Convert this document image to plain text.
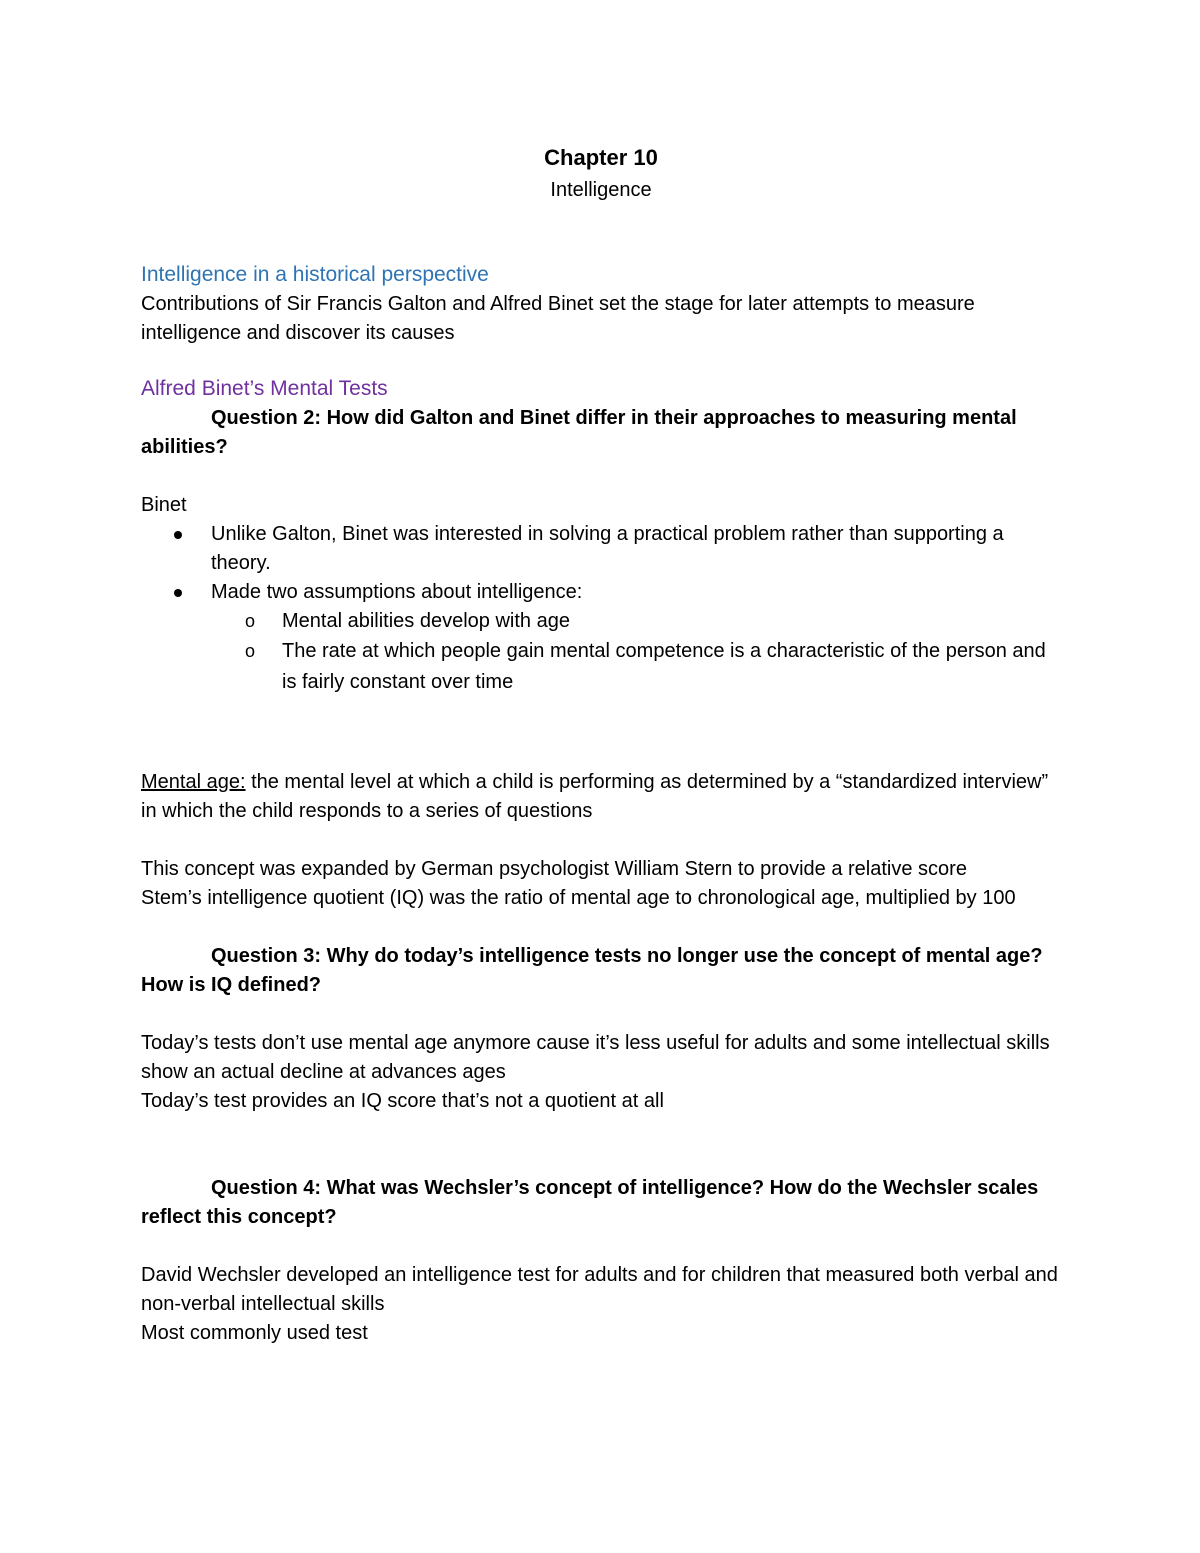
Chapter 10
Intelligence
Intelligence in a historical perspective

Contributions of Sir Francis Galton and Alfred Binet set the stage for later attempts to measure intelligence and discover its causes

Alfred Binet’s Mental Tests

Question 2: How did Galton and Binet differ in their approaches to measuring mental abilities?

Binet

Unlike Galton, Binet was interested in solving a practical problem rather than supporting a theory.
Made two assumptions about intelligence:
o Mental abilities develop with age
o The rate at which people gain mental competence is a characteristic of the person and is fairly constant over time

Mental age: the mental level at which a child is performing as determined by a “standardized interview” in which the child responds to a series of questions

This concept was expanded by German psychologist William Stern to provide a relative score

Stem’s intelligence quotient (IQ) was the ratio of mental age to chronological age, multiplied by 100

Question 3: Why do today’s intelligence tests no longer use the concept of mental age? How is IQ defined?

Today’s tests don’t use mental age anymore cause it’s less useful for adults and some intellectual skills show an actual decline at advances ages

Today’s test provides an IQ score that’s not a quotient at all

Question 4: What was Wechsler’s concept of intelligence? How do the Wechsler scales reflect this concept?

David Wechsler developed an intelligence test for adults and for children that measured both verbal and non-verbal intellectual skills

Most commonly used test
